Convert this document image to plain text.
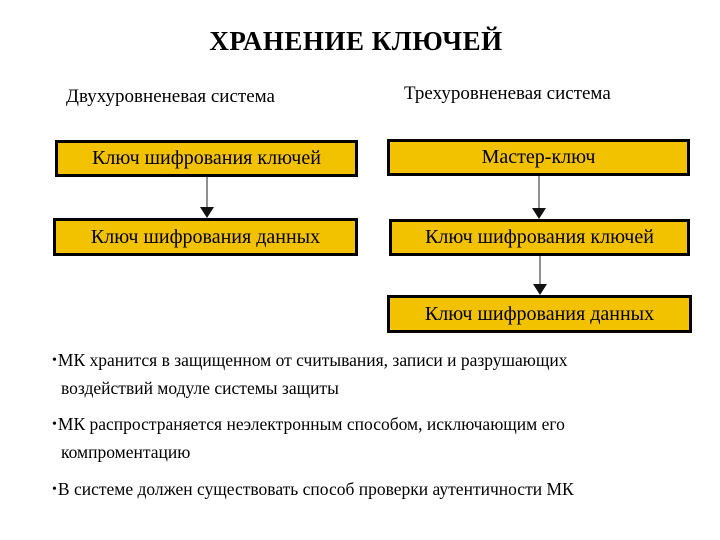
ХРАНЕНИЕ КЛЮЧЕЙ
Двухуровненевая система	Трехуровненевая система
Ключ шифрования ключей
Ключ шифрования данных
Мастер-ключ
Ключ шифрования ключей
Ключ шифрования данных
•МК хранится в защищенном от считывания, записи и разрушающих воздействий модуле системы защиты
•МК распространяется неэлектронным способом, исключающим его компроментацию
•В системе должен существовать способ проверки аутентичности МК
